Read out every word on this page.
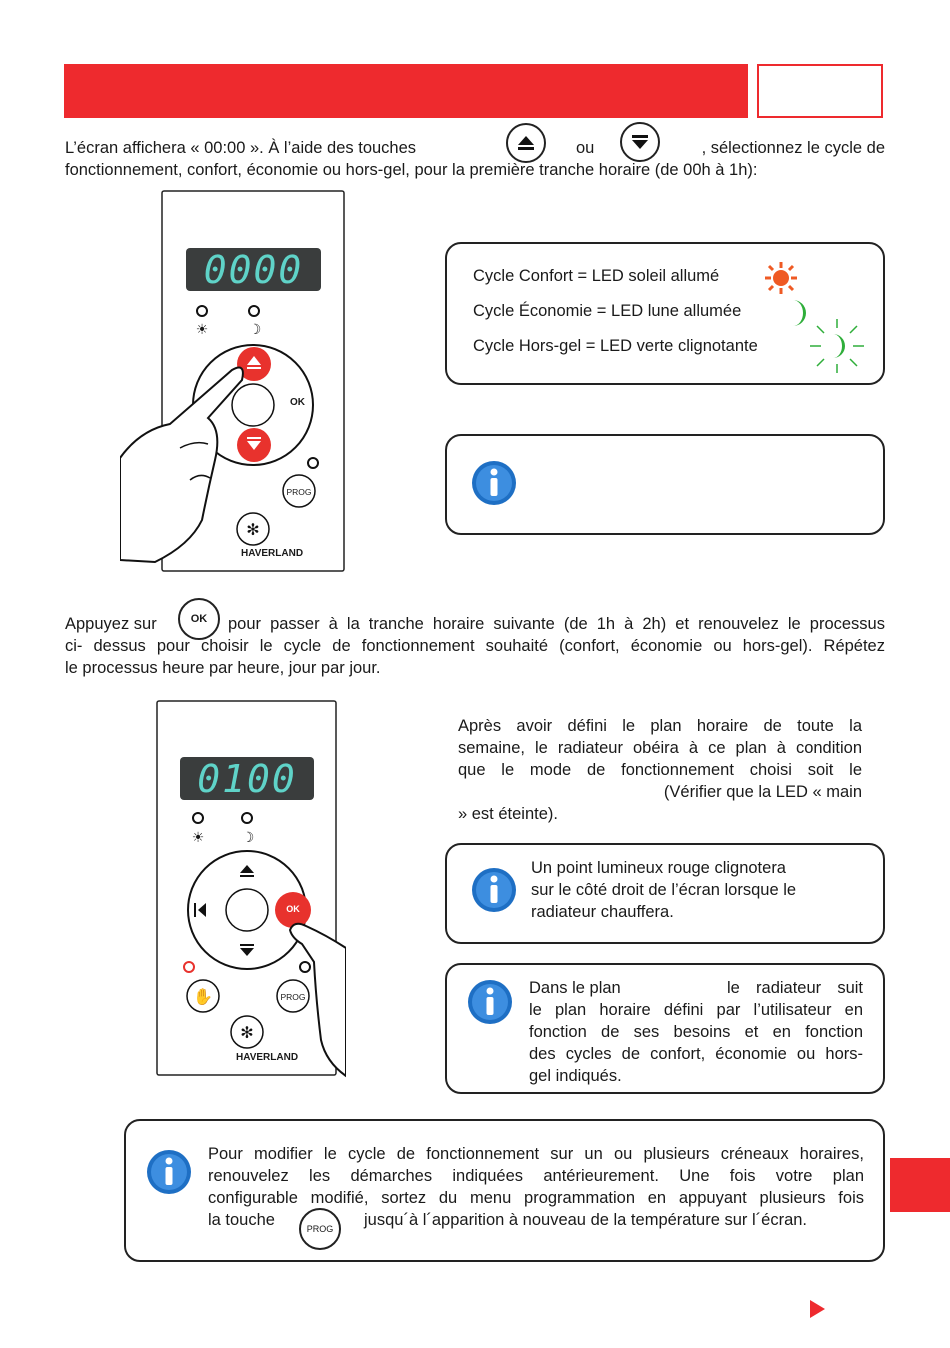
L’écran affichera « 00:00 ». À l’aide des touches	ou	, sélectionnez le cycle de
fonctionnement, confort, économie ou hors-gel, pour la première tranche horaire (de 00h à 1h):
✻
0000
☀	☽
OK
PROG
HAVERLAND
Cycle Confort = LED soleil allumé
Cycle Économie = LED lune allumée
Cycle Hors-gel = LED verte clignotante
Appuyez sur	OK pour passer à la tranche horaire suivante (de 1h à 2h) et renouvelez le processus
ci- dessus pour choisir le cycle de fonctionnement souhaité (confort, économie ou hors-gel). Répétez
le processus heure par heure, jour par jour.
✻
✋
0100
☀	☽
OK
PROG
HAVERLAND
Après avoir défini le plan horaire de toute la
semaine, le radiateur obéira à ce plan à condition
que le mode de fonctionnement choisi soit le
(Vérifier que la LED « main
» est éteinte).
Un point lumineux rouge clignotera
sur le côté droit de l’écran lorsque le
radiateur chauffera.
Dans le plan	le radiateur suit
le plan horaire défini par l’utilisateur en
fonction de ses besoins et en fonction
des cycles de confort, économie ou hors-
gel indiqués.
Pour modifier le cycle de fonctionnement sur un ou plusieurs créneaux horaires,
renouvelez les démarches indiquées antérieurement. Une fois votre plan
configurable modifié, sortez du menu programmation en appuyant plusieurs fois
la touche	PROG jusqu´à l´apparition à nouveau de la température sur l´écran.
